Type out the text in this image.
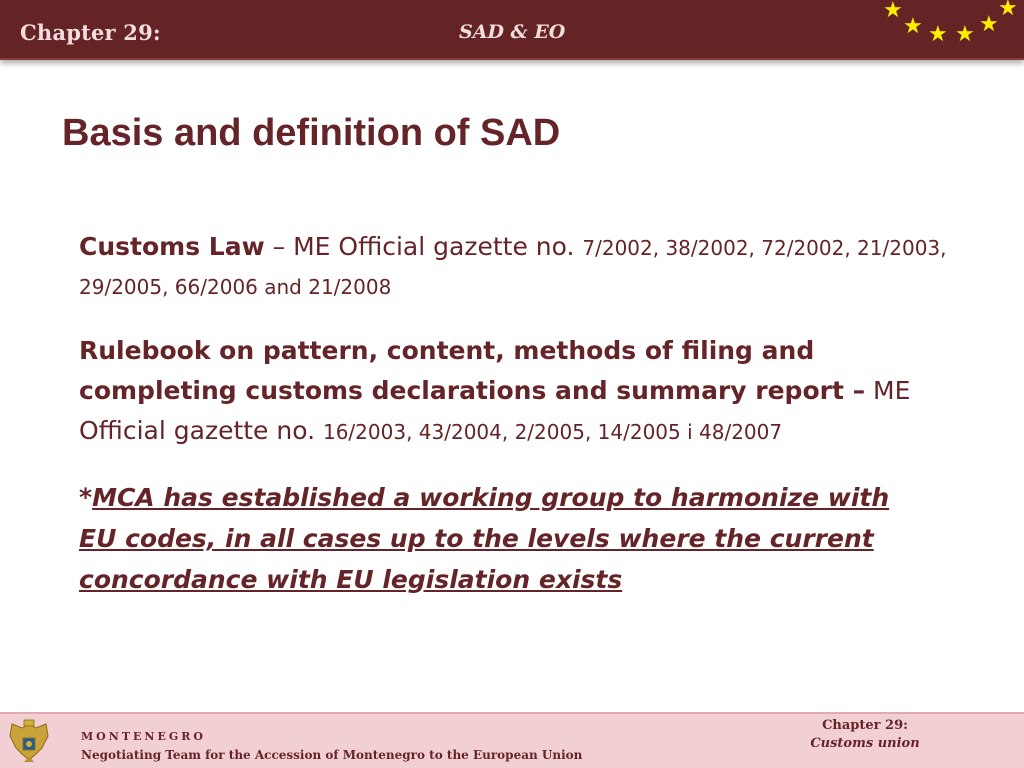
Chapter 29:	SAD & EO
★
★ ★ ★ ★
★
Basis and definition of SAD
Customs Law – ME Official gazette no. 7/2002, 38/2002, 72/2002, 21/2003, 29/2005, 66/2006 and 21/2008
Rulebook on pattern, content, methods of filing and completing customs declarations and summary report – ME Official gazette no. 16/2003, 43/2004, 2/2005, 14/2005 i 48/2007
*MCA has established a working group to harmonize with EU codes, in all cases up to the levels where the current concordance with EU legislation exists
MONTENEGRO
Negotiating Team for the Accession of Montenegro to the European Union
Chapter 29:
Customs union
